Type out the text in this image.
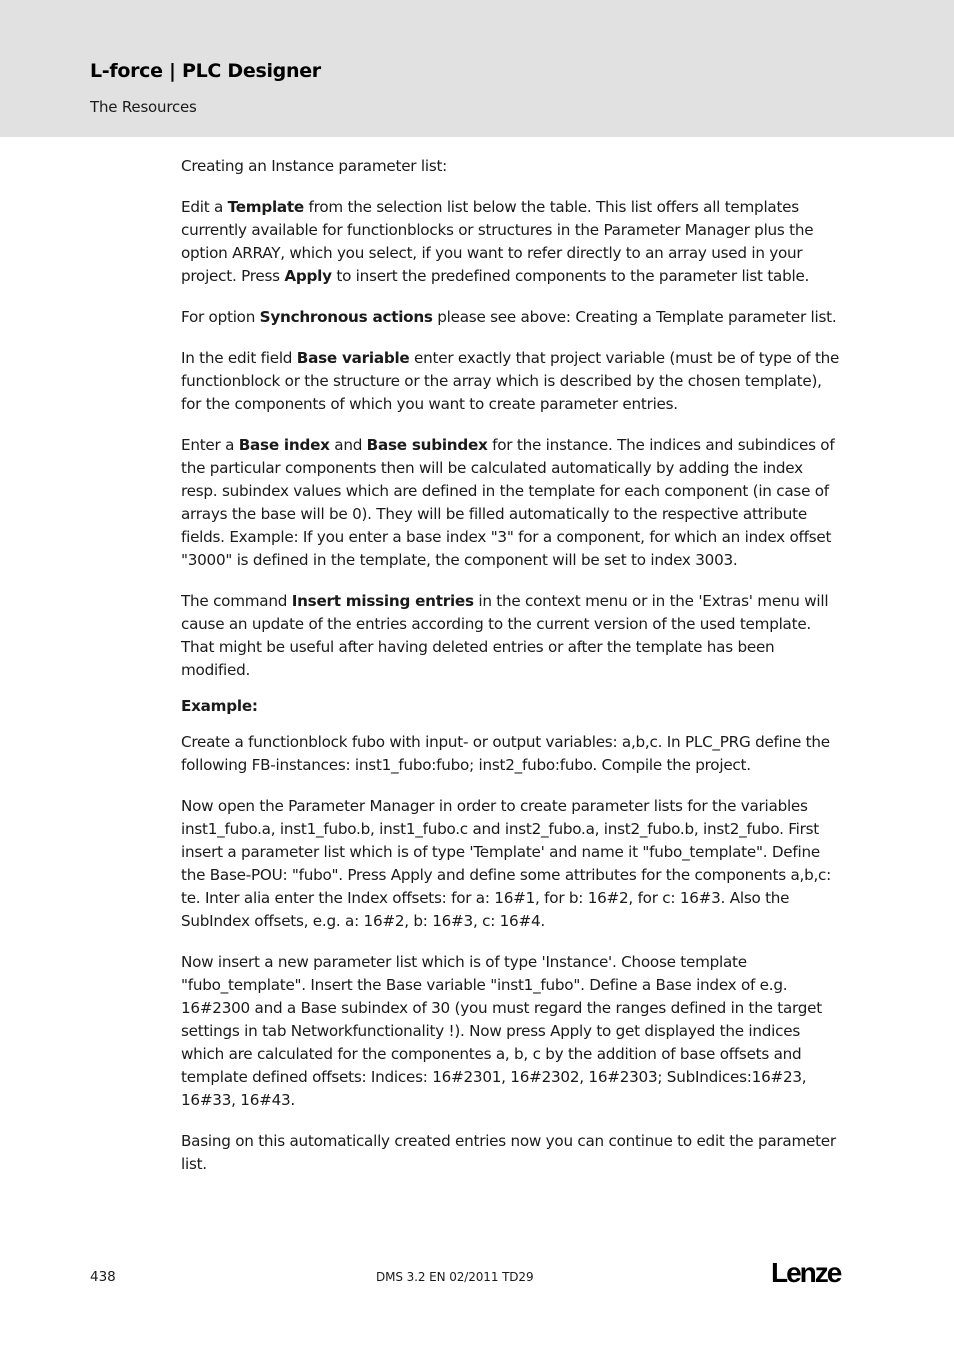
L-force | PLC Designer
The Resources

Creating an Instance parameter list:

Edit a Template from the selection list below the table. This list offers all templates currently available for functionblocks or structures in the Parameter Manager plus the option ARRAY, which you select, if you want to refer directly to an array used in your project. Press Apply to insert the predefined components to the parameter list table.

For option Synchronous actions please see above: Creating a Template parameter list.

In the edit field Base variable enter exactly that project variable (must be of type of the functionblock or the structure or the array which is described by the chosen template), for the components of which you want to create parameter entries.

Enter a Base index and Base subindex for the instance. The indices and subindices of the particular components then will be calculated automatically by adding the index resp. subindex values which are defined in the template for each component (in case of arrays the base will be 0). They will be filled automatically to the respective attribute fields. Example: If you enter a base index "3" for a component, for which an index offset "3000" is defined in the template, the component will be set to index 3003.

The command Insert missing entries in the context menu or in the 'Extras' menu will cause an update of the entries according to the current version of the used template. That might be useful after having deleted entries or after the template has been modified.

Example:

Create a functionblock fubo with input- or output variables: a,b,c. In PLC_PRG define the following FB-instances: inst1_fubo:fubo; inst2_fubo:fubo. Compile the project.

Now open the Parameter Manager in order to create parameter lists for the variables inst1_fubo.a, inst1_fubo.b, inst1_fubo.c and inst2_fubo.a, inst2_fubo.b, inst2_fubo. First insert a parameter list which is of type 'Template' and name it "fubo_template". Define the Base-POU: "fubo". Press Apply and define some attributes for the components a,b,c: te. Inter alia enter the Index offsets: for a: 16#1, for b: 16#2, for c: 16#3. Also the SubIndex offsets, e.g. a: 16#2, b: 16#3, c: 16#4.

Now insert a new parameter list which is of type 'Instance'. Choose template "fubo_template". Insert the Base variable "inst1_fubo". Define a Base index of e.g. 16#2300 and a Base subindex of 30 (you must regard the ranges defined in the target settings in tab Networkfunctionality !). Now press Apply to get displayed the indices which are calculated for the componentes a, b, c by the addition of base offsets and template defined offsets: Indices: 16#2301, 16#2302, 16#2303; SubIndices:16#23, 16#33, 16#43.

Basing on this automatically created entries now you can continue to edit the parameter list.

438	DMS 3.2 EN 02/2011 TD29	Lenze
